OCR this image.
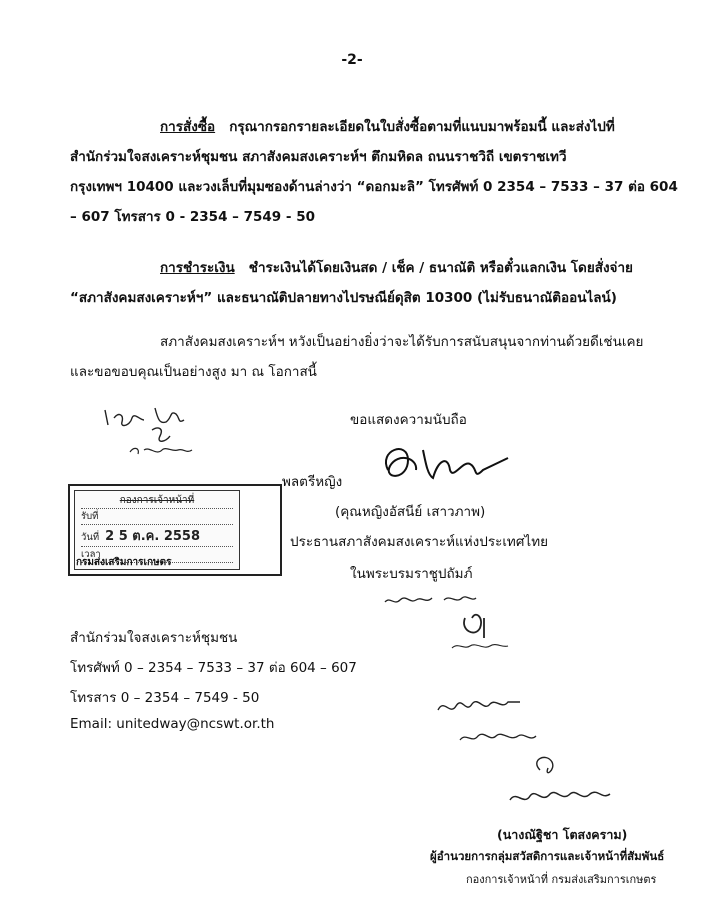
-2-
การสั่งซื้อ กรุณากรอกรายละเอียดในใบสั่งซื้อตามที่แนบมาพร้อมนี้ และส่งไปที่
สำนักร่วมใจสงเคราะห์ชุมชน สภาสังคมสงเคราะห์ฯ ตึกมหิดล ถนนราชวิถี เขตราชเทวี
กรุงเทพฯ 10400 และวงเล็บที่มุมซองด้านล่างว่า “ดอกมะลิ” โทรศัพท์ 0 2354 – 7533 – 37 ต่อ 604
– 607 โทรสาร 0 - 2354 – 7549 - 50
การชำระเงิน ชำระเงินได้โดยเงินสด / เช็ค / ธนาณัติ หรือตั๋วแลกเงิน โดยสั่งจ่าย
“สภาสังคมสงเคราะห์ฯ” และธนาณัติปลายทางไปรษณีย์ดุสิต 10300 (ไม่รับธนาณัติออนไลน์)
สภาสังคมสงเคราะห์ฯ หวังเป็นอย่างยิ่งว่าจะได้รับการสนับสนุนจากท่านด้วยดีเช่นเคย
และขอขอบคุณเป็นอย่างสูง มา ณ โอกาสนี้
ขอแสดงความนับถือ
พลตรีหญิง
(คุณหญิงอัสนีย์ เสาวภาพ)
ประธานสภาสังคมสงเคราะห์แห่งประเทศไทย
ในพระบรมราชูปถัมภ์
กองการเจ้าหน้าที่
รับที่
วันที่ 2 5 ต.ค. 2558
เวลา
กรมส่งเสริมการเกษตร
สำนักร่วมใจสงเคราะห์ชุมชน
โทรศัพท์ 0 – 2354 – 7533 – 37 ต่อ 604 – 607
โทรสาร 0 – 2354 – 7549 - 50
Email: unitedway@ncswt.or.th
(นางณัฐิชา โตสงคราม)
ผู้อำนวยการกลุ่มสวัสดิการและเจ้าหน้าที่สัมพันธ์
กองการเจ้าหน้าที่ กรมส่งเสริมการเกษตร
